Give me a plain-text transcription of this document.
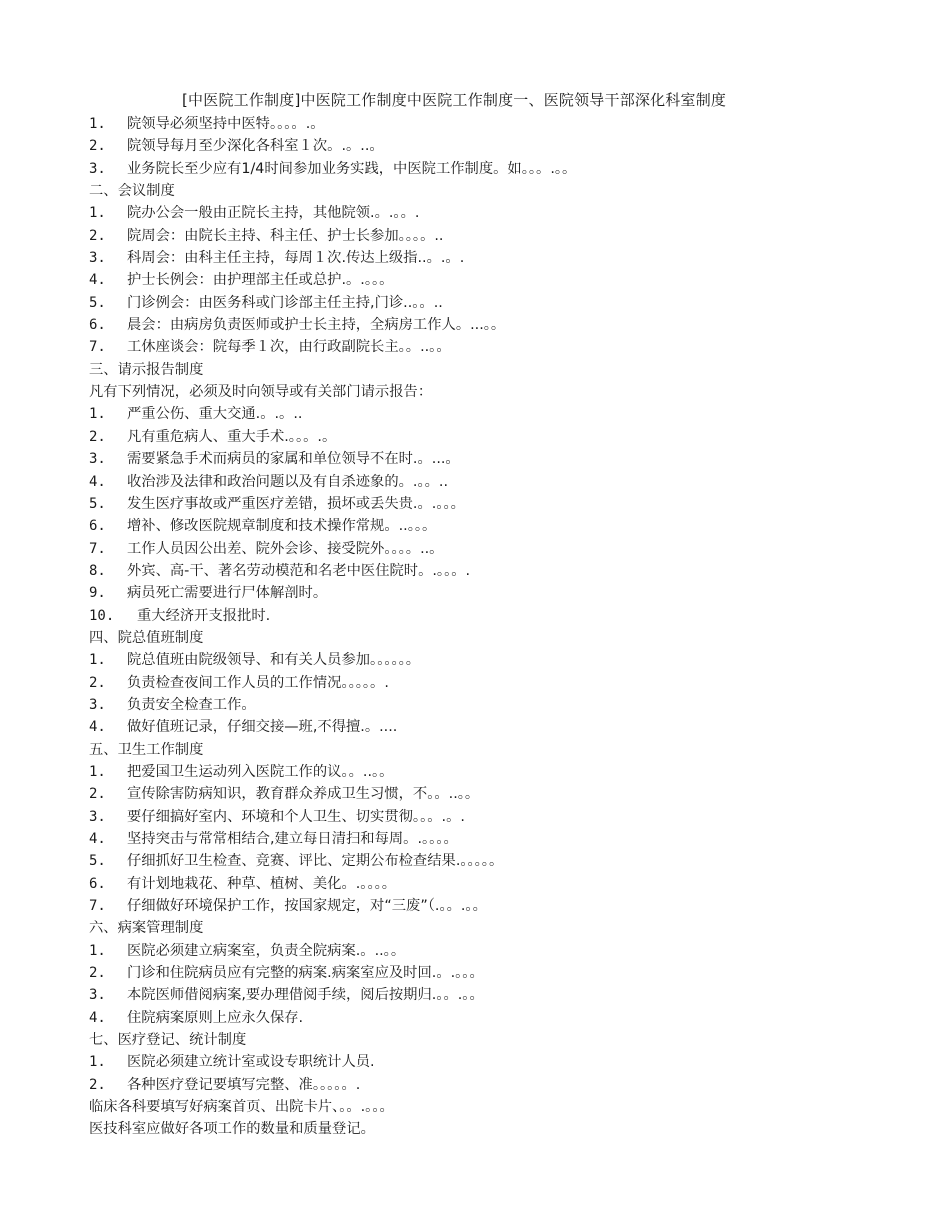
[中医院工作制度]中医院工作制度中医院工作制度一、医院领导干部深化科室制度
1. 院领导必须坚持中医特。。。。.。
2. 院领导每月至少深化各科室１次。.。..。
3. 业务院长至少应有1/4时间参加业务实践，中医院工作制度。如。。。.。。
二、会议制度
1. 院办公会一般由正院长主持，其他院领.。.。。.
2. 院周会：由院长主持、科主任、护士长参加。。。。..
3. 科周会：由科主任主持，每周１次.传达上级指..。.。.
4. 护士长例会：由护理部主任或总护.。.。。。
5. 门诊例会：由医务科或门诊部主任主持,门诊..。。..
6. 晨会：由病房负责医师或护士长主持，全病房工作人。...。。
7. 工休座谈会：院每季１次，由行政副院长主。。..。。
三、请示报告制度
凡有下列情况，必须及时向领导或有关部门请示报告：
1. 严重公伤、重大交通.。.。..
2. 凡有重危病人、重大手术.。。。.。
3. 需要紧急手术而病员的家属和单位领导不在时.。...。
4. 收治涉及法律和政治问题以及有自杀迹象的。.。。..
5. 发生医疗事故或严重医疗差错，损坏或丢失贵.。.。。。
6. 增补、修改医院规章制度和技术操作常规。..。。。
7. 工作人员因公出差、院外会诊、接受院外。。。。..。
8. 外宾、高-干、著名劳动模范和名老中医住院时。.。。。.
9. 病员死亡需要进行尸体解剖时。
10. 重大经济开支报批时.
四、院总值班制度
1. 院总值班由院级领导、和有关人员参加。。。。。。
2. 负责检查夜间工作人员的工作情况。。。。。.
3. 负责安全检查工作。
4. 做好值班记录，仔细交接—班,不得擅.。....
五、卫生工作制度
1. 把爱国卫生运动列入医院工作的议。。..。。
2. 宣传除害防病知识，教育群众养成卫生习惯，不。。..。。
3. 要仔细搞好室内、环境和个人卫生、切实贯彻。。。.。.
4. 坚持突击与常常相结合,建立每日清扫和每周。.。。。。
5. 仔细抓好卫生检查、竞赛、评比、定期公布检查结果.。。。。。
6. 有计划地栽花、种草、植树、美化。.。。。。
7. 仔细做好环境保护工作，按国家规定，对“三废”（.。。.。。
六、病案管理制度
1. 医院必须建立病案室，负责全院病案.。..。。
2. 门诊和住院病员应有完整的病案.病案室应及时回.。.。。。
3. 本院医师借阅病案,要办理借阅手续，阅后按期归.。。.。。
4. 住院病案原则上应永久保存.
七、医疗登记、统计制度
1. 医院必须建立统计室或设专职统计人员.
2. 各种医疗登记要填写完整、准。。。。。.
临床各科要填写好病案首页、出院卡片、。。.。。。
医技科室应做好各项工作的数量和质量登记。
